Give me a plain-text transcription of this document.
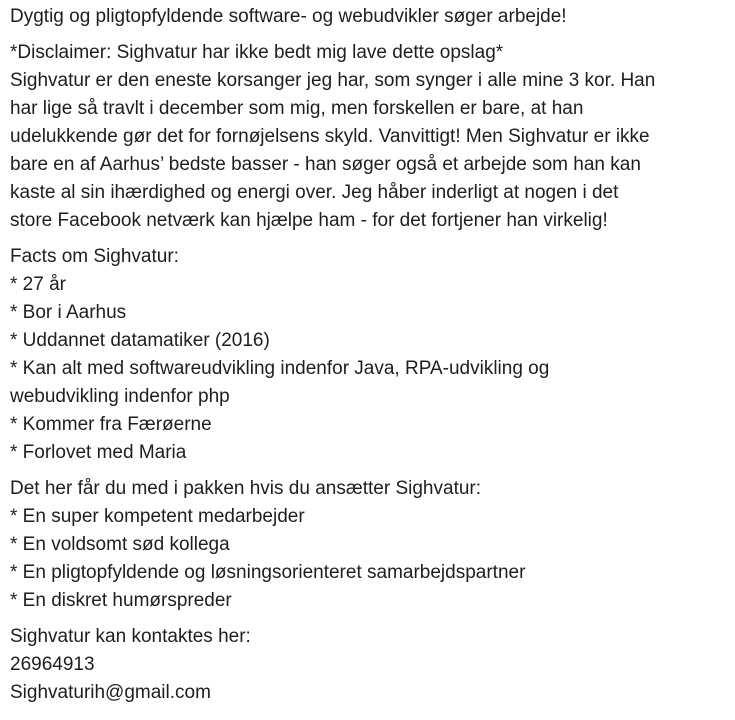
Dygtig og pligtopfyldende software- og webudvikler søger arbejde!
*Disclaimer: Sighvatur har ikke bedt mig lave dette opslag*
Sighvatur er den eneste korsanger jeg har, som synger i alle mine 3 kor. Han
har lige så travlt i december som mig, men forskellen er bare, at han
udelukkende gør det for fornøjelsens skyld. Vanvittigt! Men Sighvatur er ikke
bare en af Aarhus’ bedste basser - han søger også et arbejde som han kan
kaste al sin ihærdighed og energi over. Jeg håber inderligt at nogen i det
store Facebook netværk kan hjælpe ham - for det fortjener han virkelig!
Facts om Sighvatur:
* 27 år
* Bor i Aarhus
* Uddannet datamatiker (2016)
* Kan alt med softwareudvikling indenfor Java, RPA-udvikling og
webudvikling indenfor php
* Kommer fra Færøerne
* Forlovet med Maria
Det her får du med i pakken hvis du ansætter Sighvatur:
* En super kompetent medarbejder
* En voldsomt sød kollega
* En pligtopfyldende og løsningsorienteret samarbejdspartner
* En diskret humørspreder
Sighvatur kan kontaktes her:
26964913
Sighvaturih@gmail.com
